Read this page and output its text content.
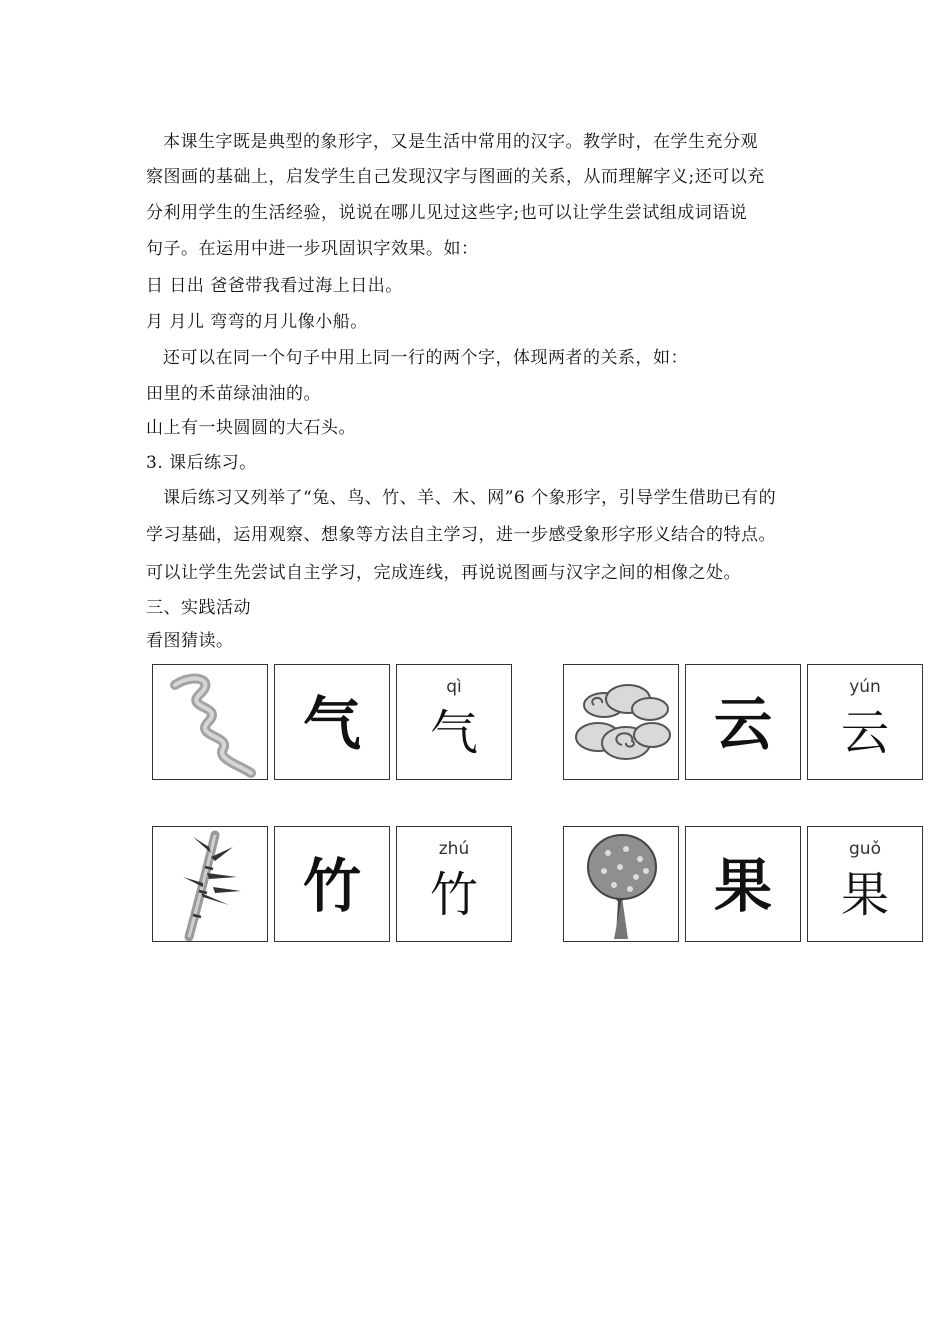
本课生字既是典型的象形字，又是生活中常用的汉字。教学时，在学生充分观
察图画的基础上，启发学生自己发现汉字与图画的关系，从而理解字义;还可以充
分利用学生的生活经验，说说在哪儿见过这些字;也可以让学生尝试组成词语说
句子。在运用中进一步巩固识字效果。如：
日 日出 爸爸带我看过海上日出。
月 月儿 弯弯的月儿像小船。
还可以在同一个句子中用上同一行的两个字，体现两者的关系，如：
田里的禾苗绿油油的。
山上有一块圆圆的大石头。
3. 课后练习。
课后练习又列举了“兔、鸟、竹、羊、木、网”6 个象形字，引导学生借助已有的
学习基础，运用观察、想象等方法自主学习，进一步感受象形字形义结合的特点。
可以让学生先尝试自主学习，完成连线，再说说图画与汉字之间的相像之处。
三、实践活动
看图猜读。
气
qì
气	云
yún
云
竹
zhú
竹	果
guǒ
果
